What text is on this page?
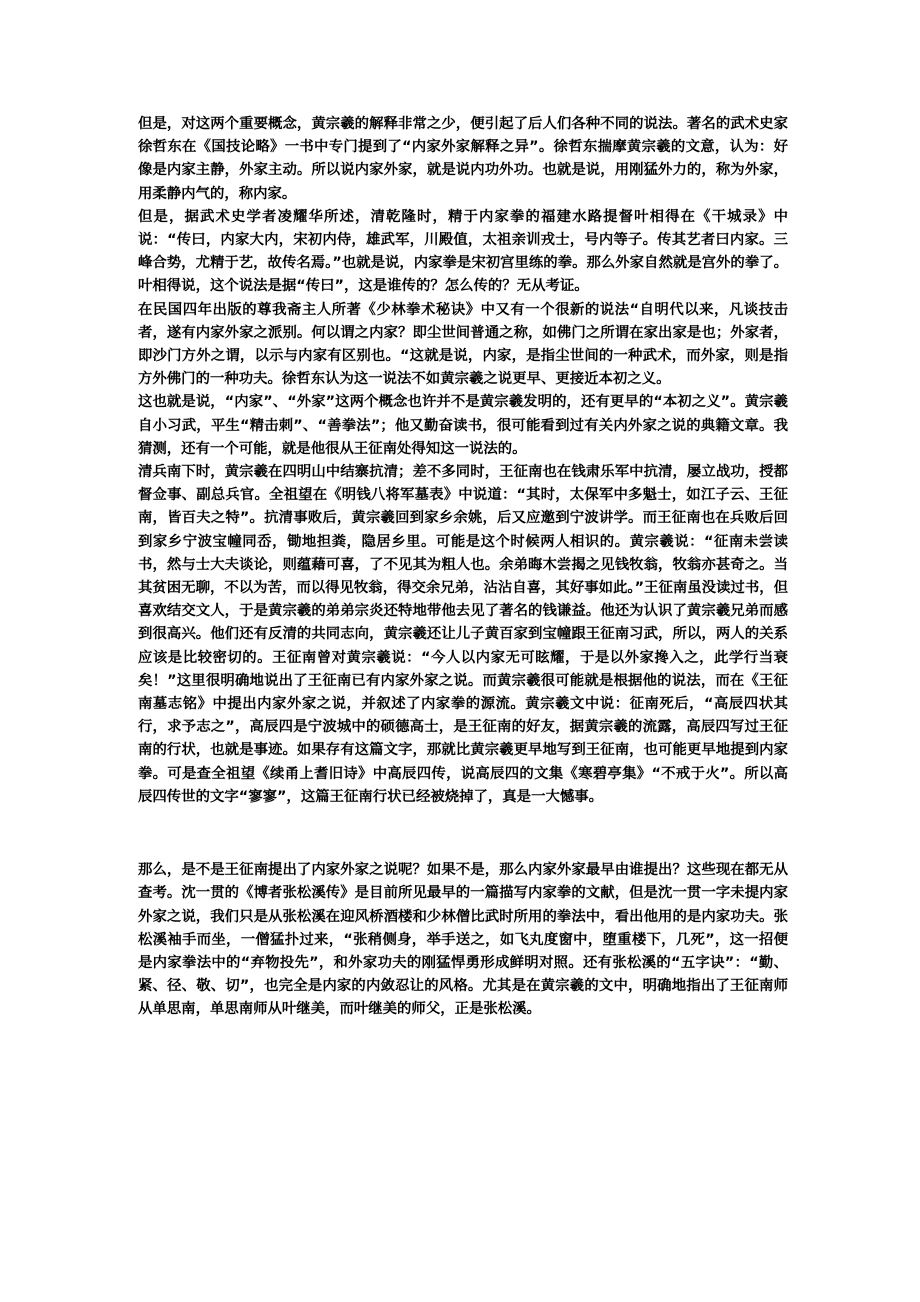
但是，对这两个重要概念，黄宗羲的解释非常之少，便引起了后人们各种不同的说法。著名的武术史家徐哲东在《国技论略》一书中专门提到了“内家外家解释之异”。徐哲东揣摩黄宗羲的文意，认为：好像是内家主静，外家主动。所以说内家外家，就是说内功外功。也就是说，用刚猛外力的，称为外家，用柔静内气的，称内家。

但是，据武术史学者凌耀华所述，清乾隆时，精于内家拳的福建水路提督叶相得在《干城录》中说：“传曰，内家大内，宋初内侍，雄武军，川殿值，太祖亲训戎士，号内等子。传其艺者曰内家。三峰合势，尤精于艺，故传名焉。”也就是说，内家拳是宋初宫里练的拳。那么外家自然就是宫外的拳了。叶相得说，这个说法是据“传曰”，这是谁传的？怎么传的？无从考证。

在民国四年出版的尊我斋主人所著《少林拳术秘诀》中又有一个很新的说法“自明代以来，凡谈技击者，遂有内家外家之派别。何以谓之内家？即尘世间普通之称，如佛门之所谓在家出家是也；外家者，即沙门方外之谓，以示与内家有区别也。“这就是说，内家，是指尘世间的一种武术，而外家，则是指方外佛门的一种功夫。徐哲东认为这一说法不如黄宗羲之说更早、更接近本初之义。

这也就是说，“内家”、“外家”这两个概念也许并不是黄宗羲发明的，还有更早的“本初之义”。黄宗羲自小习武，平生“精击刺”、“善拳法”；他又勤奋读书，很可能看到过有关内外家之说的典籍文章。我猜测，还有一个可能，就是他很从王征南处得知这一说法的。

清兵南下时，黄宗羲在四明山中结寨抗清；差不多同时，王征南也在钱肃乐军中抗清，屡立战功，授都督佥事、副总兵官。全祖望在《明钱八将军墓表》中说道：“其时，太保军中多魁士，如江子云、王征南，皆百夫之特”。抗清事败后，黄宗羲回到家乡余姚，后又应邀到宁波讲学。而王征南也在兵败后回到家乡宁波宝幢同岙，锄地担粪，隐居乡里。可能是这个时候两人相识的。黄宗羲说：“征南未尝读书，然与士大夫谈论，则蕴藉可喜，了不见其为粗人也。余弟晦木尝揭之见钱牧翁，牧翁亦甚奇之。当其贫困无聊，不以为苦，而以得见牧翁，得交余兄弟，沾沾自喜，其好事如此。”王征南虽没读过书，但喜欢结交文人，于是黄宗羲的弟弟宗炎还特地带他去见了著名的钱谦益。他还为认识了黄宗羲兄弟而感到很高兴。他们还有反清的共同志向，黄宗羲还让儿子黄百家到宝幢跟王征南习武，所以，两人的关系应该是比较密切的。王征南曾对黄宗羲说：“今人以内家无可眩耀，于是以外家搀入之，此学行当衰矣！”这里很明确地说出了王征南已有内家外家之说。而黄宗羲很可能就是根据他的说法，而在《王征南墓志铭》中提出内家外家之说，并叙述了内家拳的源流。黄宗羲文中说：征南死后，“高辰四状其行，求予志之”，高辰四是宁波城中的硕德高士，是王征南的好友，据黄宗羲的流露，高辰四写过王征南的行状，也就是事迹。如果存有这篇文字，那就比黄宗羲更早地写到王征南，也可能更早地提到内家拳。可是查全祖望《续甬上耆旧诗》中高辰四传，说高辰四的文集《寒碧亭集》“不戒于火”。所以高辰四传世的文字“寥寥”，这篇王征南行状已经被烧掉了，真是一大憾事。

那么，是不是王征南提出了内家外家之说呢？如果不是，那么内家外家最早由谁提出？这些现在都无从查考。沈一贯的《博者张松溪传》是目前所见最早的一篇描写内家拳的文献，但是沈一贯一字未提内家外家之说，我们只是从张松溪在迎风桥酒楼和少林僧比武时所用的拳法中，看出他用的是内家功夫。张松溪袖手而坐，一僧猛扑过来，“张稍侧身，举手送之，如飞丸度窗中，堕重楼下，几死”，这一招便是内家拳法中的“弃物投先”，和外家功夫的刚猛悍勇形成鲜明对照。还有张松溪的“五字诀”：“勤、紧、径、敬、切”，也完全是内家的内敛忍让的风格。尤其是在黄宗羲的文中，明确地指出了王征南师从单思南，单思南师从叶继美，而叶继美的师父，正是张松溪。
